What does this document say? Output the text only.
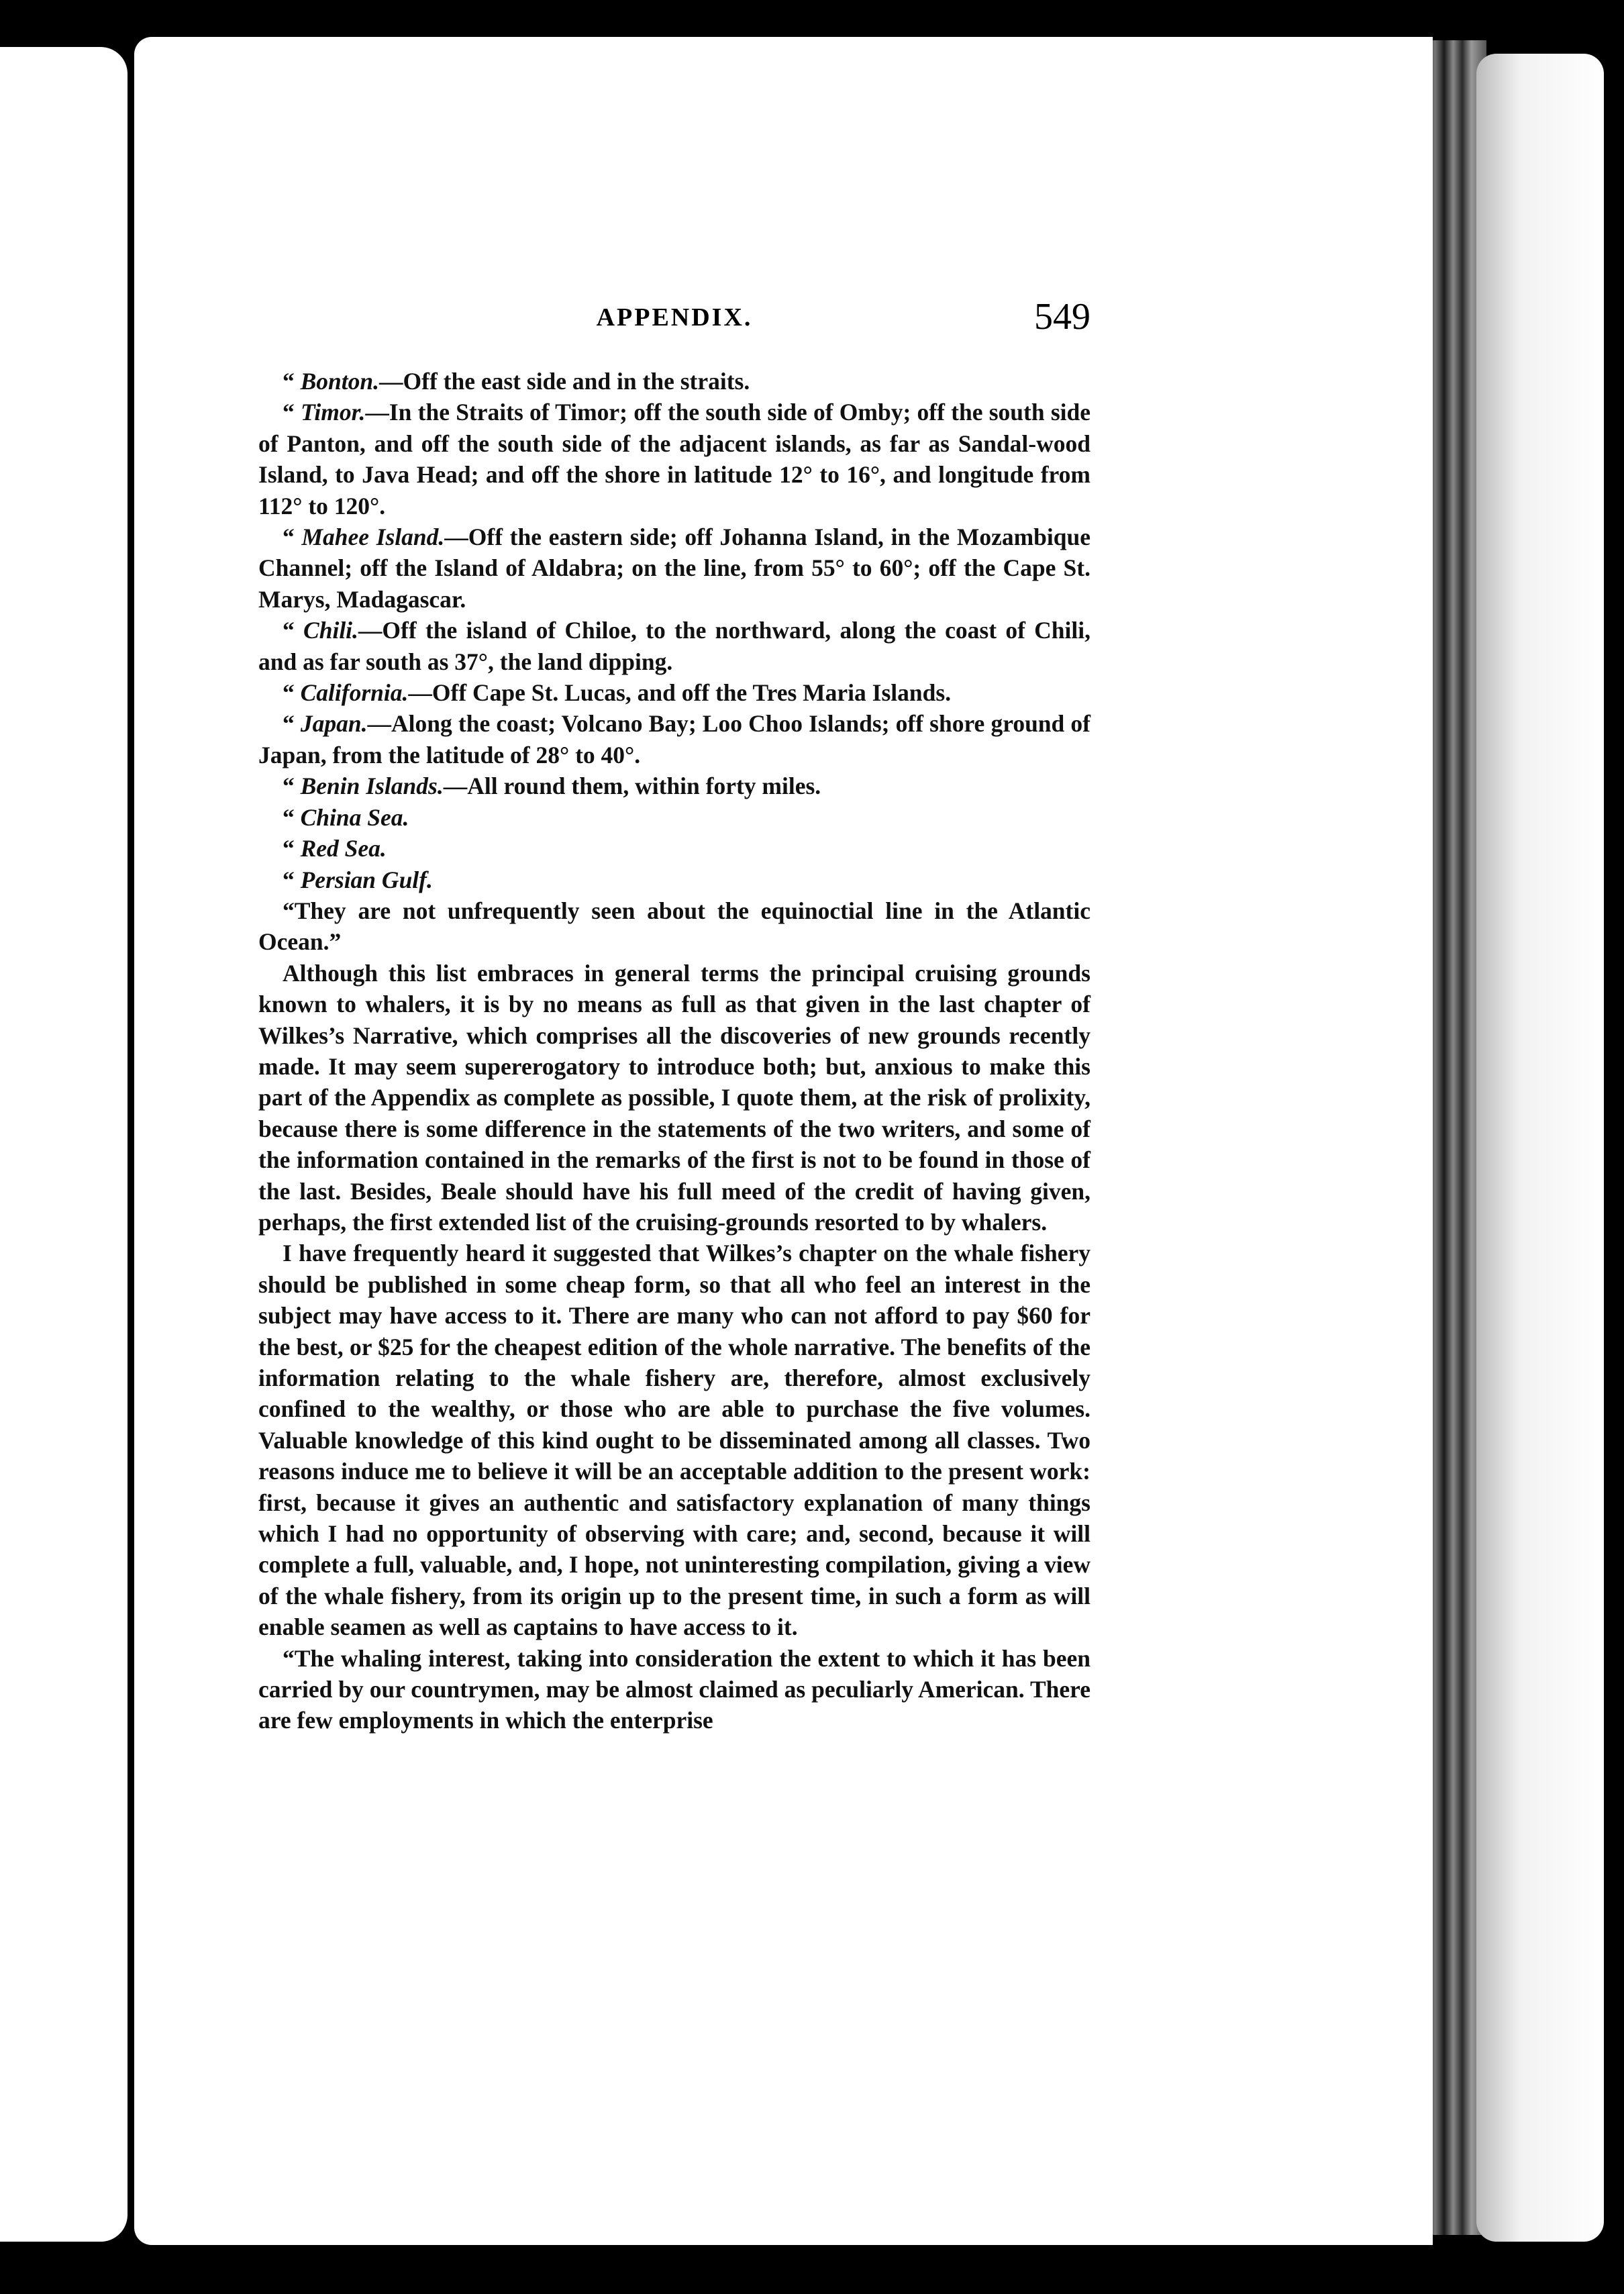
APPENDIX.	549

“ Bonton.—Off the east side and in the straits.

“ Timor.—In the Straits of Timor; off the south side of Omby; off the south side of Panton, and off the south side of the adjacent islands, as far as Sandal-wood Island, to Java Head; and off the shore in latitude 12° to 16°, and longitude from 112° to 120°.

“ Mahee Island.—Off the eastern side; off Johanna Island, in the Mozambique Channel; off the Island of Aldabra; on the line, from 55° to 60°; off the Cape St. Marys, Madagascar.

“ Chili.—Off the island of Chiloe, to the northward, along the coast of Chili, and as far south as 37°, the land dipping.

“ California.—Off Cape St. Lucas, and off the Tres Maria Islands.

“ Japan.—Along the coast; Volcano Bay; Loo Choo Islands; off shore ground of Japan, from the latitude of 28° to 40°.

“ Benin Islands.—All round them, within forty miles.

“ China Sea.

“ Red Sea.

“ Persian Gulf.

“They are not unfrequently seen about the equinoctial line in the Atlantic Ocean.”

Although this list embraces in general terms the principal cruising grounds known to whalers, it is by no means as full as that given in the last chapter of Wilkes’s Narrative, which comprises all the discoveries of new grounds recently made. It may seem supererogatory to introduce both; but, anxious to make this part of the Appendix as complete as possible, I quote them, at the risk of prolixity, because there is some difference in the statements of the two writers, and some of the information contained in the remarks of the first is not to be found in those of the last. Besides, Beale should have his full meed of the credit of having given, perhaps, the first extended list of the cruising-grounds resorted to by whalers.

I have frequently heard it suggested that Wilkes’s chapter on the whale fishery should be published in some cheap form, so that all who feel an interest in the subject may have access to it. There are many who can not afford to pay $60 for the best, or $25 for the cheapest edition of the whole narrative. The benefits of the information relating to the whale fishery are, therefore, almost exclusively confined to the wealthy, or those who are able to purchase the five volumes. Valuable knowledge of this kind ought to be disseminated among all classes. Two reasons induce me to believe it will be an acceptable addition to the present work: first, because it gives an authentic and satisfactory explanation of many things which I had no opportunity of observing with care; and, second, because it will complete a full, valuable, and, I hope, not uninteresting compilation, giving a view of the whale fishery, from its origin up to the present time, in such a form as will enable seamen as well as captains to have access to it.

“The whaling interest, taking into consideration the extent to which it has been carried by our countrymen, may be almost claimed as peculiarly American. There are few employments in which the enterprise
